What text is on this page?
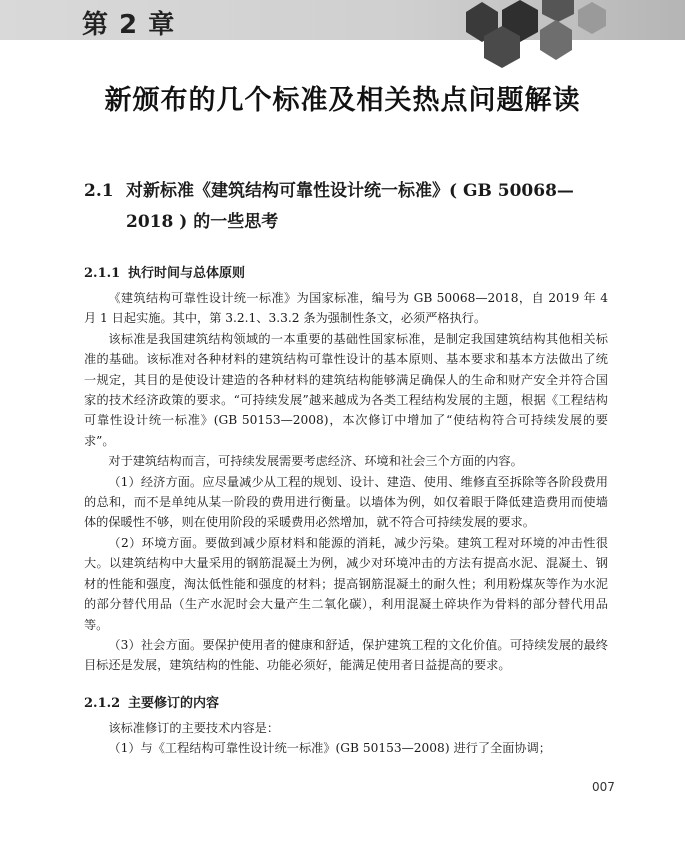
第 2 章
新颁布的几个标准及相关热点问题解读
2.1 对新标准《建筑结构可靠性设计统一标准》( GB 50068—
2018 ) 的一些思考
2.1.1 执行时间与总体原则

《建筑结构可靠性设计统一标准》为国家标准，编号为 GB 50068—2018，自 2019 年 4 月 1 日起实施。其中，第 3.2.1、3.3.2 条为强制性条文，必须严格执行。

该标准是我国建筑结构领域的一本重要的基础性国家标准，是制定我国建筑结构其他相关标准的基础。该标准对各种材料的建筑结构可靠性设计的基本原则、基本要求和基本方法做出了统一规定，其目的是使设计建造的各种材料的建筑结构能够满足确保人的生命和财产安全并符合国家的技术经济政策的要求。“可持续发展”越来越成为各类工程结构发展的主题，根据《工程结构可靠性设计统一标准》(GB 50153—2008)，本次修订中增加了“使结构符合可持续发展的要求”。

对于建筑结构而言，可持续发展需要考虑经济、环境和社会三个方面的内容。

（1）经济方面。应尽量减少从工程的规划、设计、建造、使用、维修直至拆除等各阶段费用的总和，而不是单纯从某一阶段的费用进行衡量。以墙体为例，如仅着眼于降低建造费用而使墙体的保暖性不够，则在使用阶段的采暖费用必然增加，就不符合可持续发展的要求。

（2）环境方面。要做到减少原材料和能源的消耗，减少污染。建筑工程对环境的冲击性很大。以建筑结构中大量采用的钢筋混凝土为例，减少对环境冲击的方法有提高水泥、混凝土、钢材的性能和强度，淘汰低性能和强度的材料；提高钢筋混凝土的耐久性；利用粉煤灰等作为水泥的部分替代用品（生产水泥时会大量产生二氧化碳），利用混凝土碎块作为骨料的部分替代用品等。

（3）社会方面。要保护使用者的健康和舒适，保护建筑工程的文化价值。可持续发展的最终目标还是发展，建筑结构的性能、功能必须好，能满足使用者日益提高的要求。

2.1.2 主要修订的内容

该标准修订的主要技术内容是：

（1）与《工程结构可靠性设计统一标准》(GB 50153—2008) 进行了全面协调；

007
